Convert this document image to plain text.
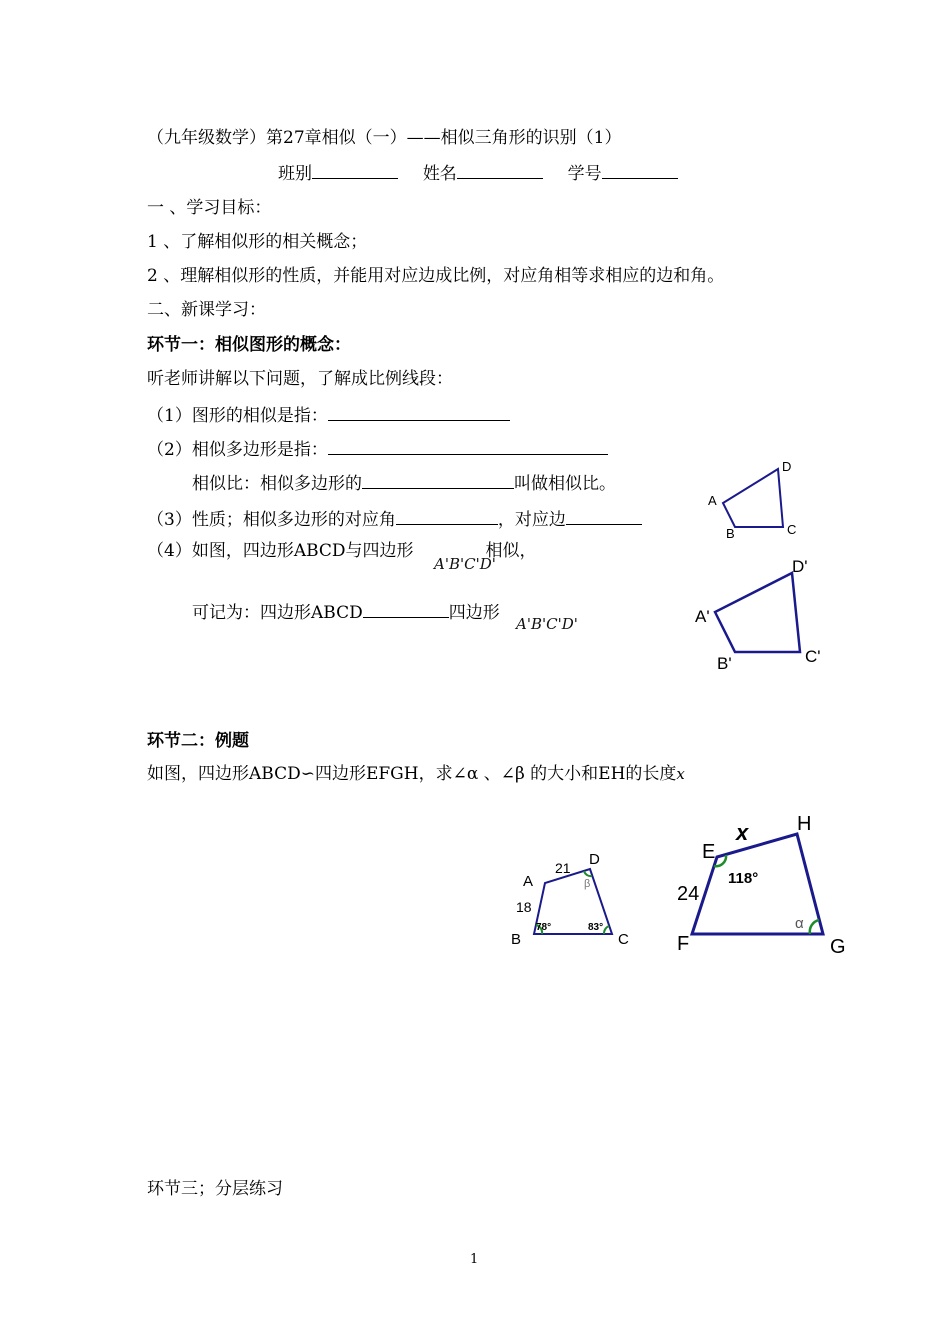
（九年级数学）第27章相似（一）——相似三角形的识别（1）
班别	姓名	学号
一 、学习目标：
1 、了解相似形的相关概念；
2 、理解相似形的性质，并能用对应边成比例，对应角相等求相应的边和角。
二、新课学习：
环节一：相似图形的概念：
听老师讲解以下问题，了解成比例线段：
（1）图形的相似是指：
（2）相似多边形是指：
相似比：相似多边形的	叫做相似比。
（3）性质；相似多边形的对应角	，对应边
（4）如图，四边形ABCD与四边形	相似，
A'B'C'D'
可记为：四边形ABCD	四边形
A'B'C'D'
A
B	C
D
A'
B'	C'
D'
环节二：例题
如图，四边形ABCD∽四边形EFGH，求∠α 、∠β 的大小和EH的长度x
A
B	C
D
21
18
78°	83°
β
E
F	G
H
x
24
118°
α
环节三；分层练习
1
